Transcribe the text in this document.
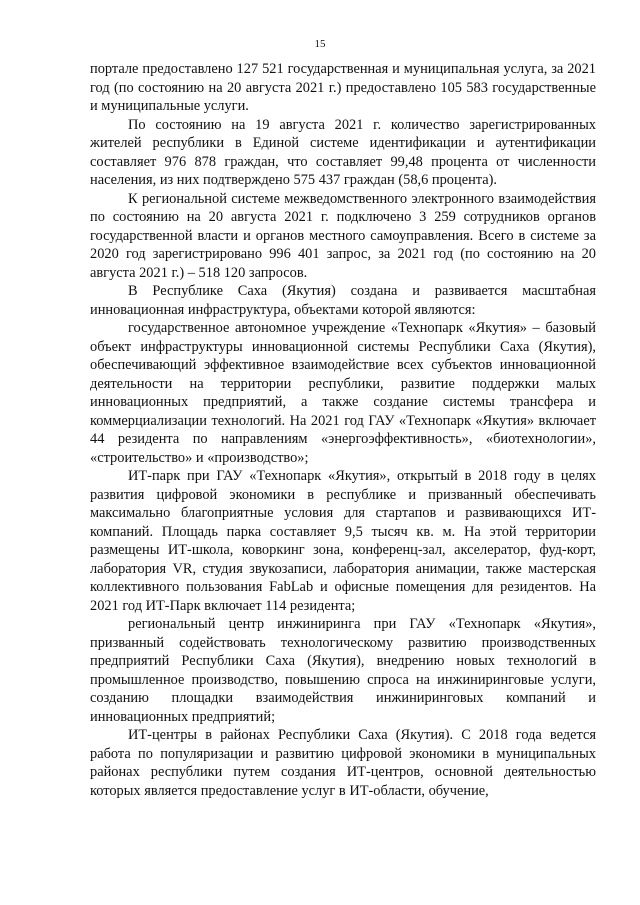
15

порталe предоставлено 127 521 государственная и муниципальная услуга, за 2021 год (по состоянию на 20 августа 2021 г.) предоставлено 105 583 государственные и муниципальные услуги.

По состоянию на 19 августа 2021 г. количество зарегистрированных жителей республики в Единой системе идентификации и аутентификации составляет 976 878 граждан, что составляет 99,48 процента от численности населения, из них подтверждено 575 437 граждан (58,6 процента).

К региональной системе межведомственного электронного взаимодействия по состоянию на 20 августа 2021 г. подключено 3 259 сотрудников органов государственной власти и органов местного самоуправления. Всего в системе за 2020 год зарегистрировано 996 401 запрос, за 2021 год (по состоянию на 20 августа 2021 г.) – 518 120 запросов.

В Республике Саха (Якутия) создана и развивается масштабная инновационная инфраструктура, объектами которой являются:

государственное автономное учреждение «Технопарк «Якутия» – базовый объект инфраструктуры инновационной системы Республики Саха (Якутия), обеспечивающий эффективное взаимодействие всех субъектов инновационной деятельности на территории республики, развитие поддержки малых инновационных предприятий, а также создание системы трансфера и коммерциализации технологий. На 2021 год ГАУ «Технопарк «Якутия» включает 44 резидента по направлениям «энергоэффективность», «биотехнологии», «строительство» и «производство»;

ИТ-парк при ГАУ «Технопарк «Якутия», открытый в 2018 году в целях развития цифровой экономики в республике и призванный обеспечивать максимально благоприятные условия для стартапов и развивающихся ИТ-компаний. Площадь парка составляет 9,5 тысяч кв. м. На этой территории размещены ИТ-школа, коворкинг зона, конференц-зал, акселератор, фуд-корт, лаборатория VR, студия звукозаписи, лаборатория анимации, также мастерская коллективного пользования FabLab и офисные помещения для резидентов. На 2021 год ИТ-Парк включает 114 резидента;

региональный центр инжиниринга при ГАУ «Технопарк «Якутия», призванный содействовать технологическому развитию производственных предприятий Республики Саха (Якутия), внедрению новых технологий в промышленное производство, повышению спроса на инжиниринговые услуги, созданию площадки взаимодействия инжиниринговых компаний и инновационных предприятий;

ИТ-центры в районах Республики Саха (Якутия). С 2018 года ведется работа по популяризации и развитию цифровой экономики в муниципальных районах республики путем создания ИТ-центров, основной деятельностью которых является предоставление услуг в ИТ-области, обучение,
